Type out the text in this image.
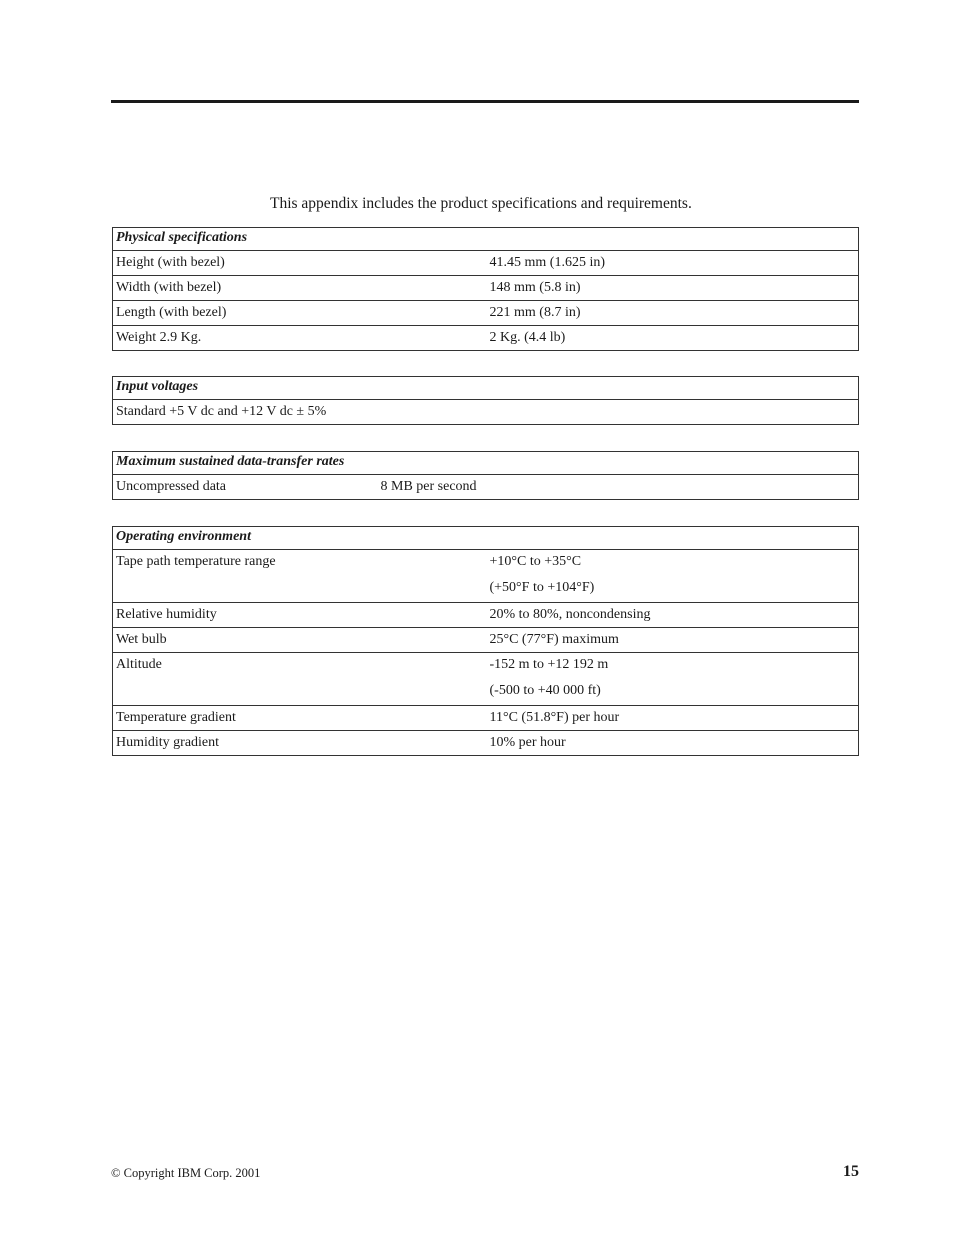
This appendix includes the product specifications and requirements.
Physical specifications	
Height (with bezel)	41.45 mm (1.625 in)
Width (with bezel)	148 mm (5.8 in)
Length (with bezel)	221 mm (8.7 in)
Weight 2.9 Kg.	2 Kg. (4.4 lb)
Input voltages
Standard +5 V dc and +12 V dc ± 5%
Maximum sustained data-transfer rates
Uncompressed data	8 MB per second
Operating environment	
Tape path temperature range	+10°C to +35°C
(+50°F to +104°F)

Relative humidity	20% to 80%, noncondensing
Wet bulb	25°C (77°F) maximum
Altitude	-152 m to +12 192 m
(-500 to +40 000 ft)

Temperature gradient	11°C (51.8°F) per hour
Humidity gradient	10% per hour
© Copyright IBM Corp. 2001	15
